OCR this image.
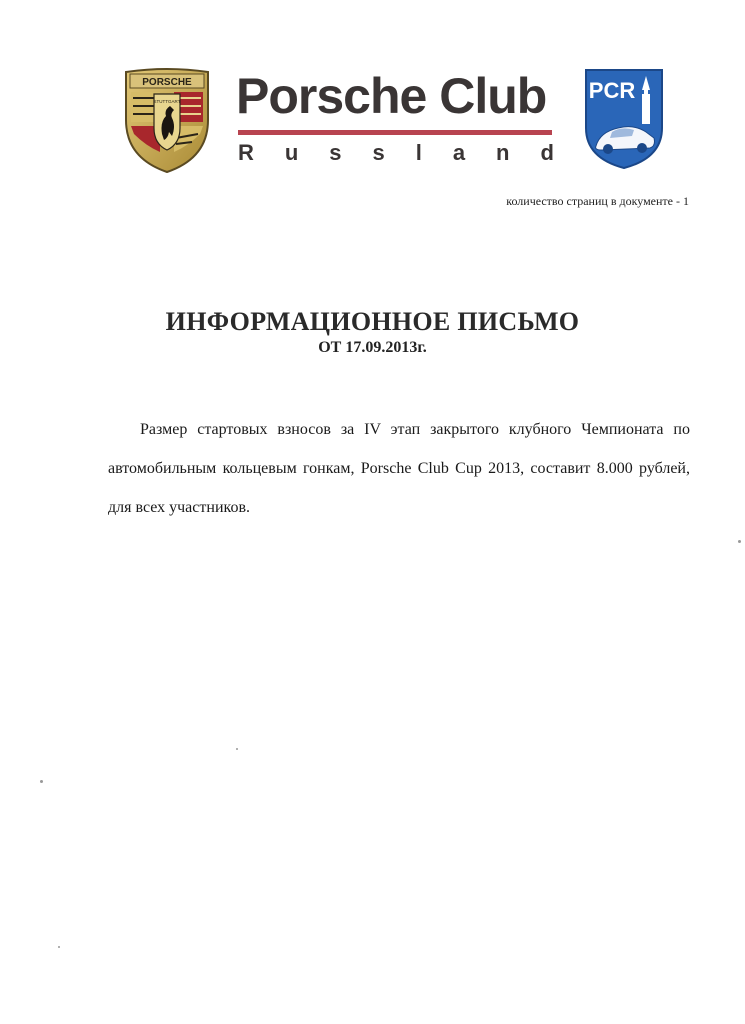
PORSCHE
STUTTGART Porsche Club
R u s s l a n d
PCR
количество страниц в документе - 1
ИНФОРМАЦИОННОЕ ПИСЬМО
ОТ 17.09.2013г.

Размер стартовых взносов за IV этап закрытого клубного Чемпионата по автомобильным кольцевым гонкам, Porsche Club Cup 2013, составит 8.000 рублей, для всех участников.
